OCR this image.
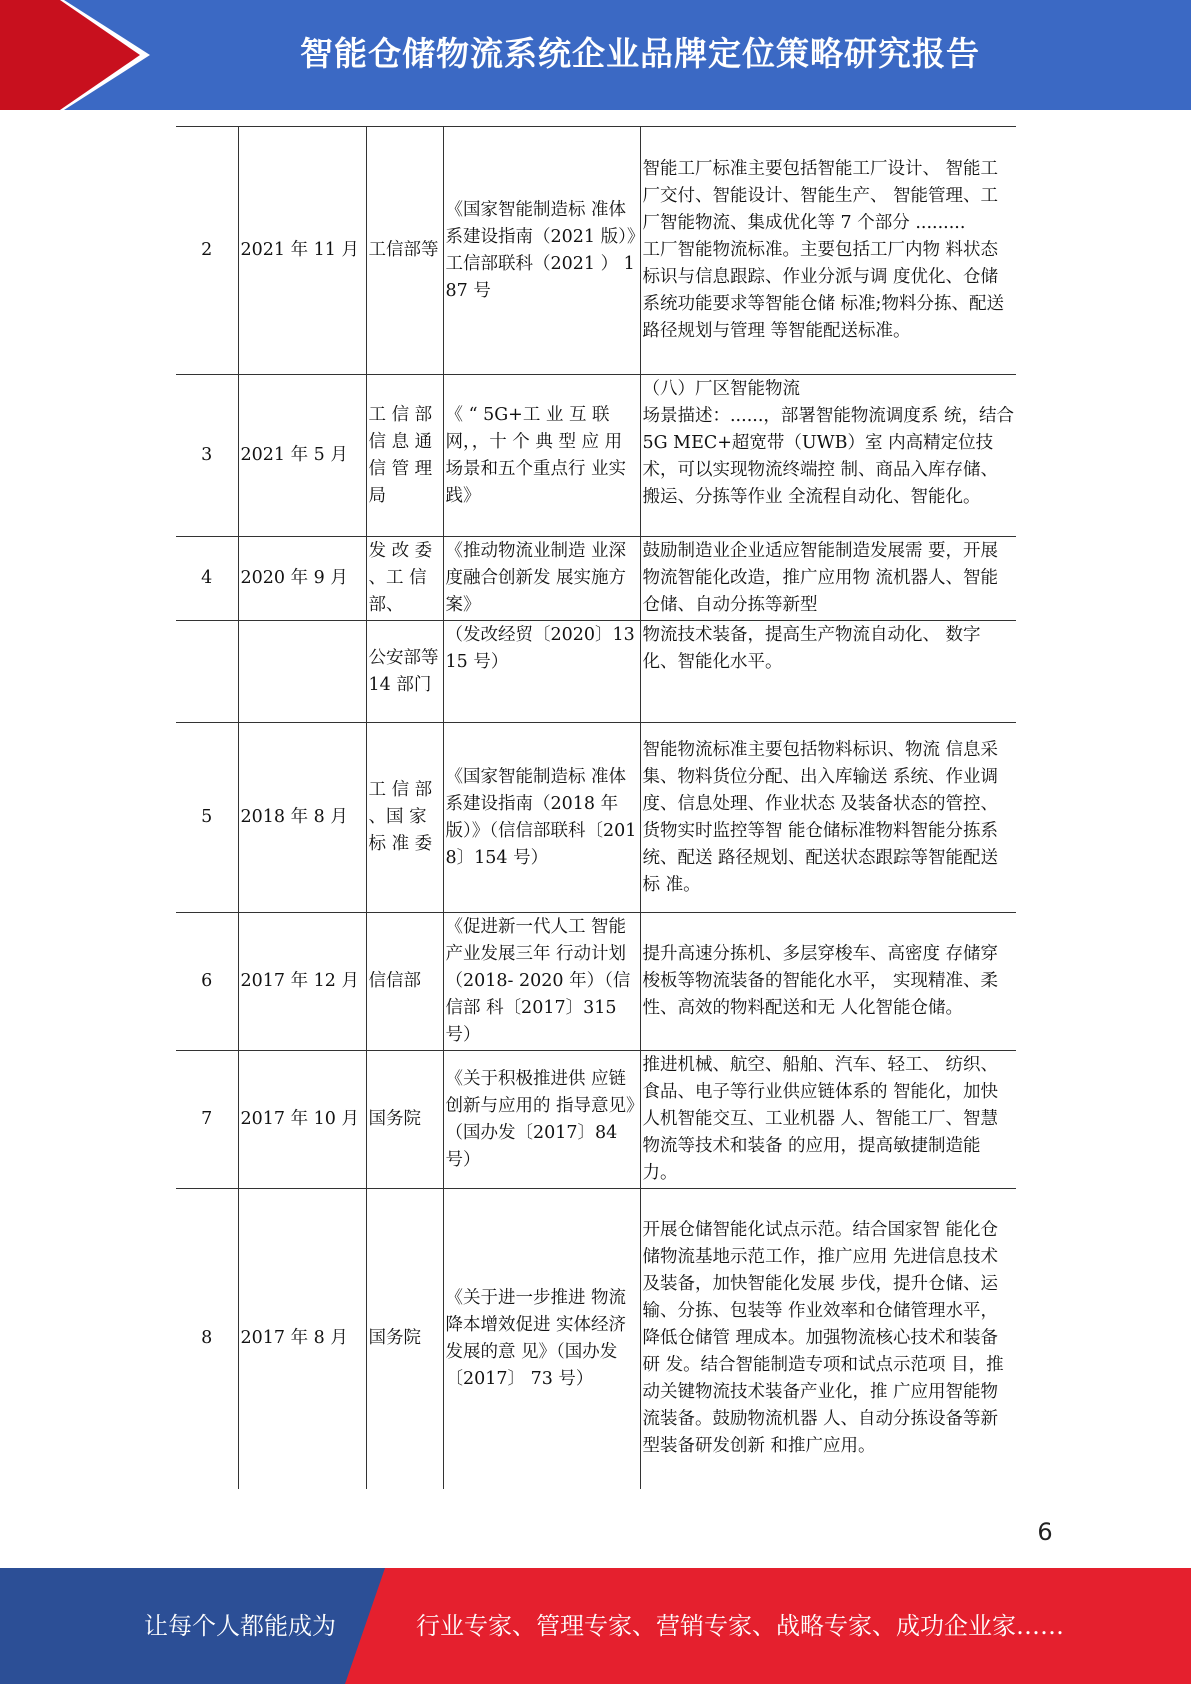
智能仓储物流系统企业品牌定位策略研究报告
2	2021 年 11 月	工信部等	《国家智能制造标 准体系建设指南（2021 版）》工信部联科（2021 ） 187 号	智能工厂标准主要包括智能工厂设计、 智能工厂交付、智能设计、智能生产、 智能管理、工厂智能物流、集成优化等 7 个部分 .........
工厂智能物流标准。主要包括工厂内物 料状态标识与信息跟踪、作业分派与调 度优化、仓储系统功能要求等智能仓储 标准;物料分拣、配送路径规划与管理 等智能配送标准。
3	2021 年 5 月	工 信 部 信 息 通 信 管 理 局	《 “ 5G+工 业 互 联 网，，十 个 典 型 应 用 场景和五个重点行 业实践》	（八）厂区智能物流
场景描述：......，部署智能物流调度系 统，结合 5G MEC+超宽带（UWB）室 内高精定位技术，可以实现物流终端控 制、商品入库存储、搬运、分拣等作业 全流程自动化、智能化。
4	2020 年 9 月	发 改 委 、工 信部、	《推动物流业制造 业深度融合创新发 展实施方案》	鼓励制造业企业适应智能制造发展需 要，开展物流智能化改造，推广应用物 流机器人、智能仓储、自动分拣等新型
		公安部等 14 部门	（发改经贸〔2020〕1315 号）	物流技术装备，提高生产物流自动化、 数字化、智能化水平。
5	2018 年 8 月	工 信 部 、国 家 标 准 委	《国家智能制造标 准体系建设指南（2018 年版）》（信信部联科〔2018〕154 号）	智能物流标准主要包括物料标识、物流 信息采集、物料货位分配、出入库输送 系统、作业调度、信息处理、作业状态 及装备状态的管控、货物实时监控等智 能仓储标准物料智能分拣系统、配送 路径规划、配送状态跟踪等智能配送标 准。
6	2017 年 12 月	信信部	《促进新一代人工 智能产业发展三年 行动计划（2018- 2020 年）（信信部 科〔2017〕315 号）	提升高速分拣机、多层穿梭车、高密度 存储穿梭板等物流装备的智能化水平， 实现精准、柔性、高效的物料配送和无 人化智能仓储。
7	2017 年 10 月	国务院	《关于积极推进供 应链创新与应用的 指导意见》（国办发〔2017〕84 号）	推进机械、航空、船舶、汽车、轻工、 纺织、食品、电子等行业供应链体系的 智能化，加快人机智能交互、工业机器 人、智能工厂、智慧物流等技术和装备 的应用，提高敏捷制造能力。
8	2017 年 8 月	国务院	《关于进一步推进 物流降本增效促进 实体经济发展的意 见》（国办发〔2017〕 73 号）	开展仓储智能化试点示范。结合国家智 能化仓储物流基地示范工作，推广应用 先进信息技术及装备，加快智能化发展 步伐，提升仓储、运输、分拣、包装等 作业效率和仓储管理水平，降低仓储管 理成本。加强物流核心技术和装备研 发。结合智能制造专项和试点示范项 目，推动关键物流技术装备产业化，推 广应用智能物流装备。鼓励物流机器 人、自动分拣设备等新型装备研发创新 和推广应用。
6
让每个人都能成为	行业专家、管理专家、营销专家、战略专家、成功企业家……
